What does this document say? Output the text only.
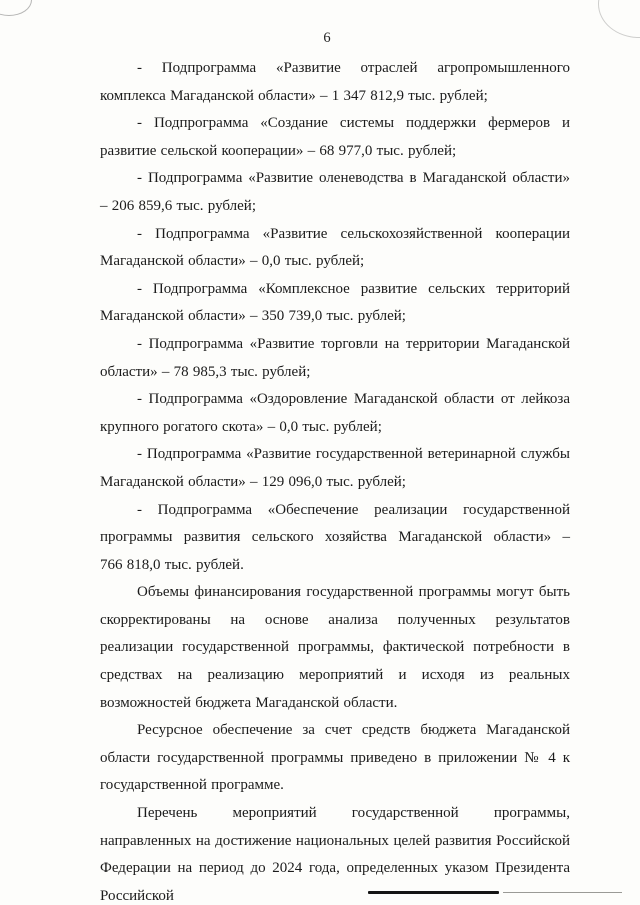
6

- Подпрограмма «Развитие отраслей агропромышленного комплекса Магаданской области» – 1 347 812,9 тыс. рублей;

- Подпрограмма «Создание системы поддержки фермеров и развитие сельской кооперации» – 68 977,0 тыс. рублей;

- Подпрограмма «Развитие оленеводства в Магаданской области» – 206 859,6 тыс. рублей;

- Подпрограмма «Развитие сельскохозяйственной кооперации Магаданской области» – 0,0 тыс. рублей;

- Подпрограмма «Комплексное развитие сельских территорий Магаданской области» – 350 739,0 тыс. рублей;

- Подпрограмма «Развитие торговли на территории Магаданской области» – 78 985,3 тыс. рублей;

- Подпрограмма «Оздоровление Магаданской области от лейкоза крупного рогатого скота» – 0,0 тыс. рублей;

- Подпрограмма «Развитие государственной ветеринарной службы Магаданской области» – 129 096,0 тыс. рублей;

- Подпрограмма «Обеспечение реализации государственной программы развития сельского хозяйства Магаданской области» – 766 818,0 тыс. рублей.

Объемы финансирования государственной программы могут быть скорректированы на основе анализа полученных результатов реализации государственной программы, фактической потребности в средствах на реализацию мероприятий и исходя из реальных возможностей бюджета Магаданской области.

Ресурсное обеспечение за счет средств бюджета Магаданской области государственной программы приведено в приложении № 4 к государственной программе.

Перечень мероприятий государственной программы, направленных на достижение национальных целей развития Российской Федерации на период до 2024 года, определенных указом Президента Российской
